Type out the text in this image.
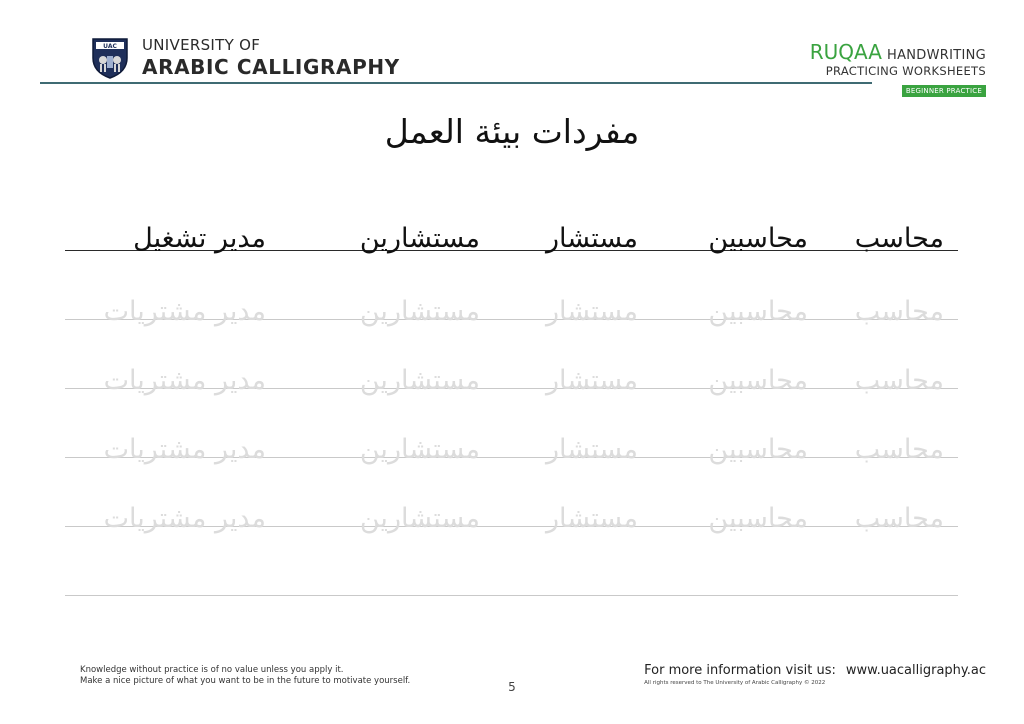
UAC UNIVERSITY OF
ARABIC CALLIGRAPHY
RUQAA HANDWRITING
PRACTICING WORKSHEETS
BEGINNER PRACTICE
مفردات بيئة العمل
محاسب
محاسبين
مستشار
مستشارين
مدير تشغيل
محاسب
محاسبين
مستشار
مستشارين
مدير مشتريات
محاسب
محاسبين
مستشار
مستشارين
مدير مشتريات
محاسب
محاسبين
مستشار
مستشارين
مدير مشتريات
محاسب
محاسبين
مستشار
مستشارين
مدير مشتريات
Knowledge without practice is of no value unless you apply it.
Make a nice picture of what you want to be in the future to motivate yourself.	5
For more information visit us: www.uacalligraphy.ac
All rights reserved to The University of Arabic Calligraphy © 2022
